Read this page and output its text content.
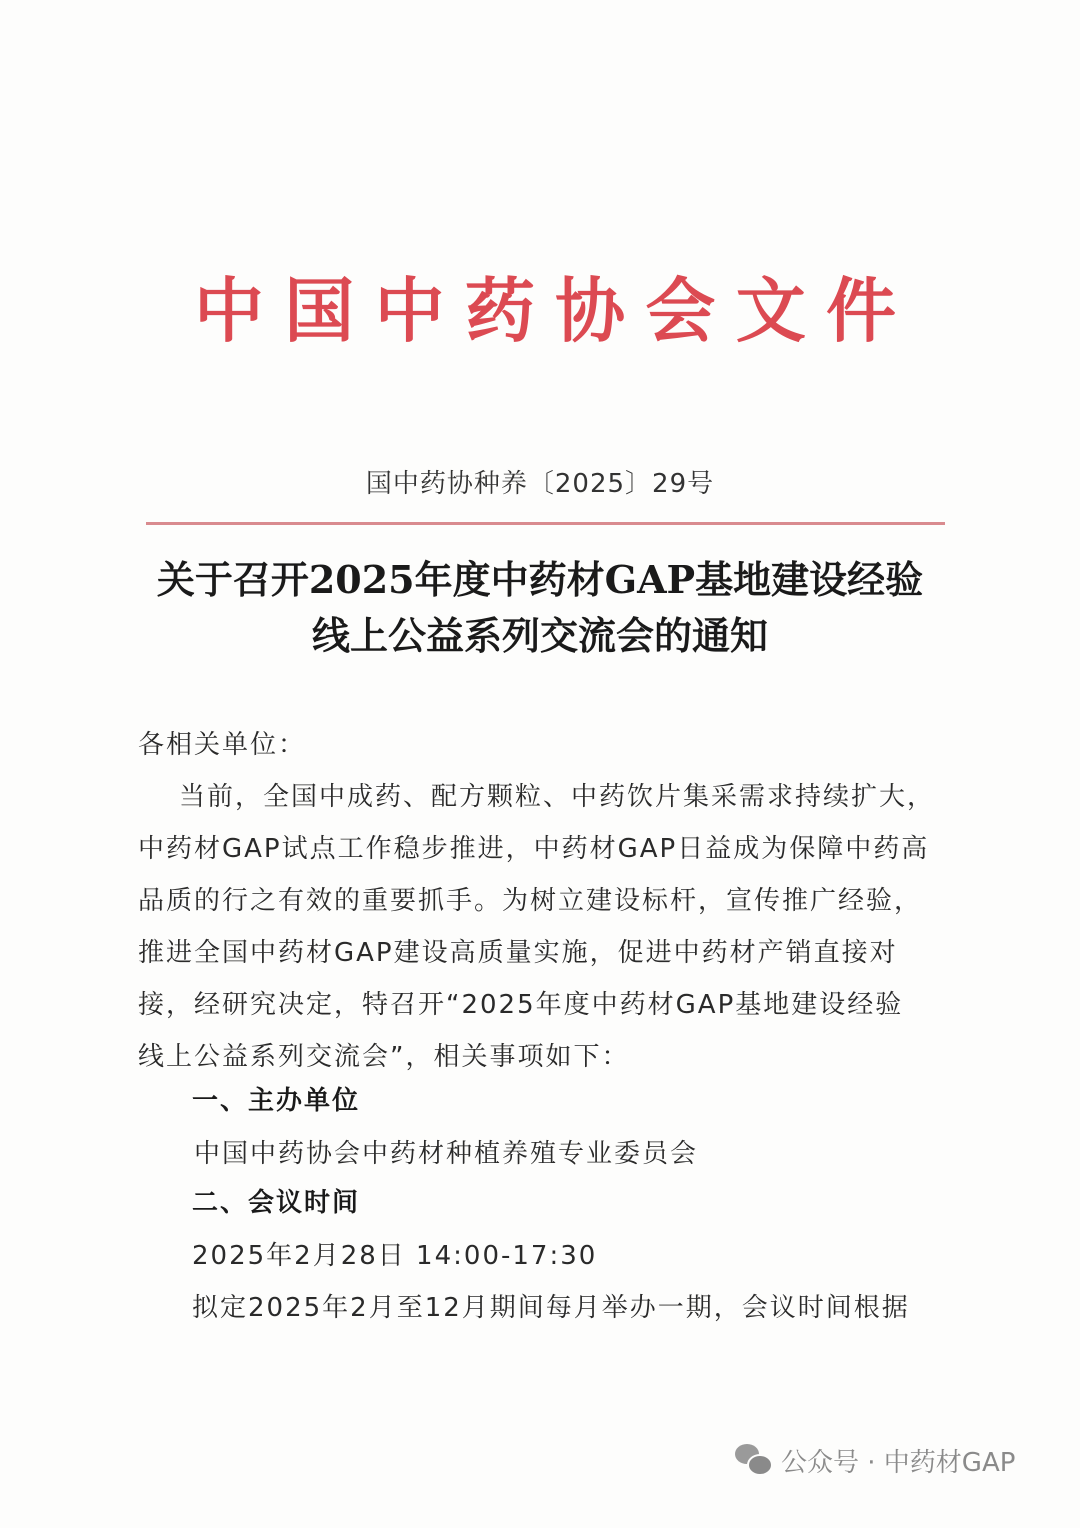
中 国 中 药 协 会 文 件
国中药协种养〔2025〕29号
关于召开2025年度中药材GAP基地建设经验
线上公益系列交流会的通知
各相关单位：
当前，全国中成药、配方颗粒、中药饮片集采需求持续扩大，
中药材GAP试点工作稳步推进，中药材GAP日益成为保障中药高
品质的行之有效的重要抓手。为树立建设标杆，宣传推广经验，
推进全国中药材GAP建设高质量实施，促进中药材产销直接对
接，经研究决定，特召开“2025年度中药材GAP基地建设经验
线上公益系列交流会”，相关事项如下：
一、主办单位
中国中药协会中药材种植养殖专业委员会
二、会议时间
2025年2月28日 14:00-17:30
拟定2025年2月至12月期间每月举办一期，会议时间根据
公众号 · 中药材GAP
